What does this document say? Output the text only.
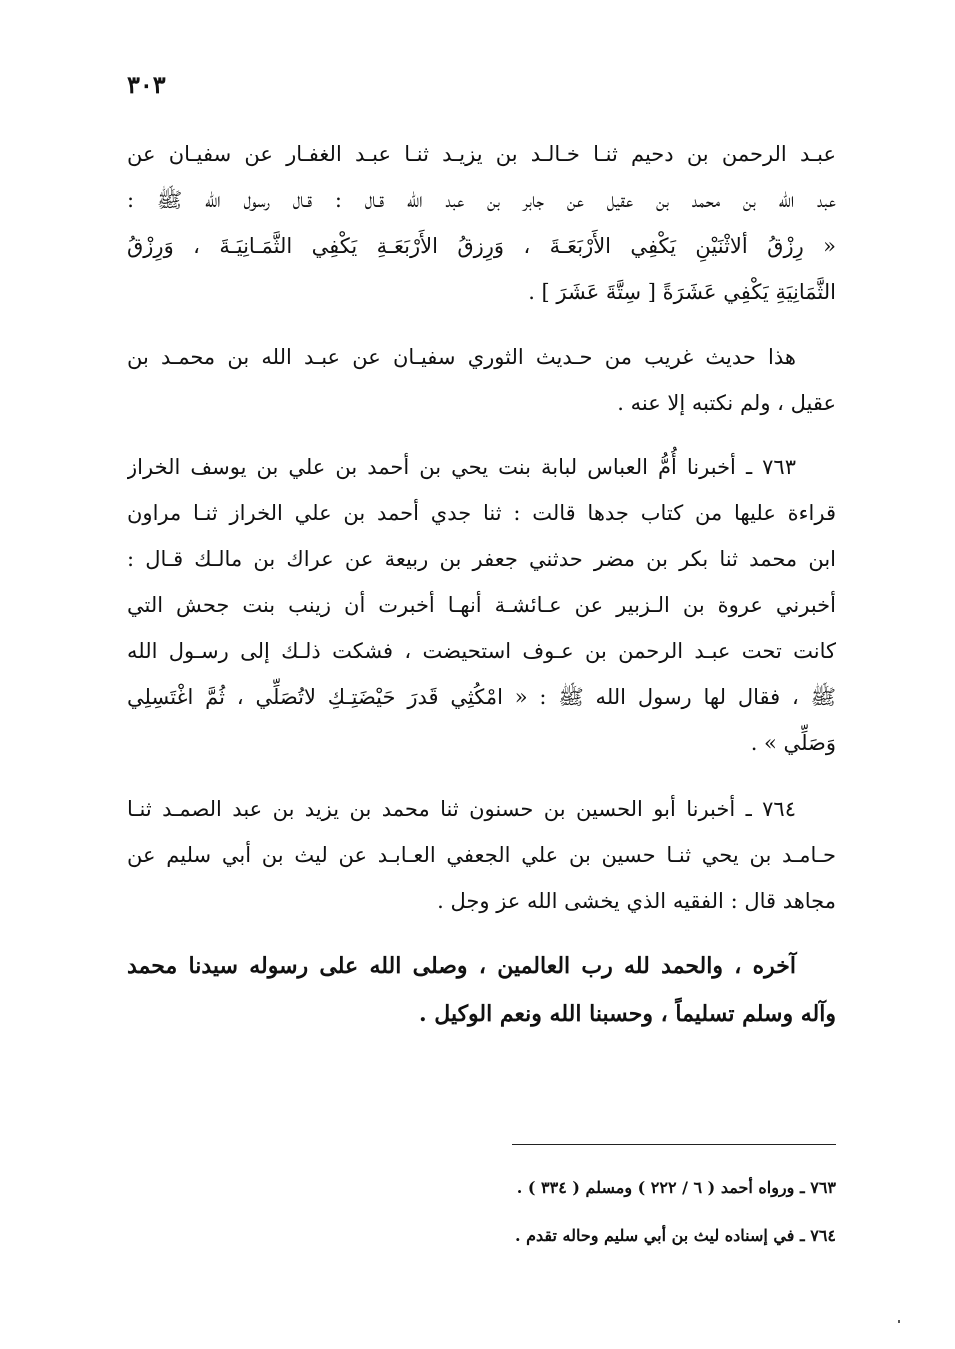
٣٠٣
عبـد الرحمن بن دحيم ثنـا خـالـد بن يزيـد ثنـا عبـد الغفـار عن سفيـان عن
عبد الله بن محمد بن عقيل عن جابر بن عبد الله قـال : قـال رسول الله ﷺ :
« رِزْقُ ألاثْنَيْنِ يَكْفِي الأَرْبَعَـةَ ، وَرِزقُ الأَرْبَعَـةِ يَكْفِي الثَّمَـانِيَـةَ ، وَرِزْقُ
الثَّمَانِيَةِ يَكْفِي عَشَرَةً [ سِتَّةَ عَشَرَ ] .
هذا حديث غريب من حـديث الثوري سفيـان عن عبـد الله بن محمـد بن
عقيل ، ولم نكتبه إلا عنه .
٧٦٣ ـ أخبرنا أُمُّ العباس لبابة بنت يحي بن أحمد بن علي بن يوسف الخراز
قراءة عليها من كتاب جدها قالت : ثنا جدي أحمد بن علي الخراز ثنـا مراون
ابن محمد ثنا بكر بن مضر حدثني جعفر بن ربيعة عن عراك بن مالـك قـال :
أخبرني عروة بن الـزبير عن عـائشـة أنهـا أخبرت أن زينب بنت جحش التي
كانت تحت عبـد الرحمن بن عـوف استحيضت ، فشكت ذلـك إلى رسـول الله
ﷺ ، فقال لها رسول الله ﷺ : « امْكُثِي قَدرَ حَيْضَتِـكِ لاتُصَلِّي ، ثُمَّ اغْتَسِلِي
وَصَلِّي » .
٧٦٤ ـ أخبرنا أبو الحسين بن حسنون ثنا محمد بن يزيد بن عبد الصمـد ثنـا
حـامـد بن يحي ثنـا حسين بن علي الجعفي العـابـد عن ليث بن أبي سليم عن
مجاهد قال : الفقيه الذي يخشى الله عز وجل .
آخره ، والحمد لله رب العالمين ، وصلى الله على رسوله سيدنا محمد
وآله وسلم تسليماً ، وحسبنا الله ونعم الوكيل .
٧٦٣ ـ ورواه أحمد ( ٦ / ٢٢٢ ) ومسلم ( ٣٣٤ ) .
٧٦٤ ـ في إسناده ليث بن أبي سليم وحاله تقدم .
